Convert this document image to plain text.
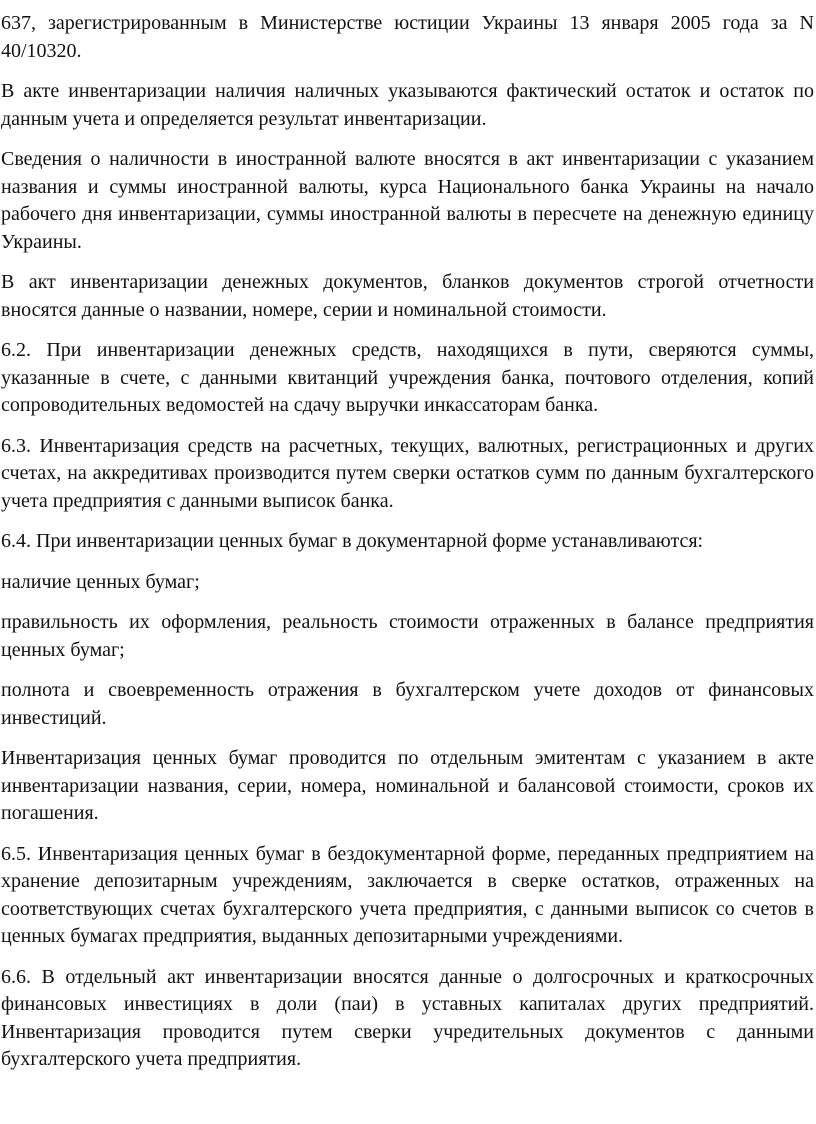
637, зарегистрированным в Министерстве юстиции Украины 13 января 2005 года за N 40/10320.

В акте инвентаризации наличия наличных указываются фактический остаток и остаток по данным учета и определяется результат инвентаризации.

Сведения о наличности в иностранной валюте вносятся в акт инвентаризации с указанием названия и суммы иностранной валюты, курса Национального банка Украины на начало рабочего дня инвентаризации, суммы иностранной валюты в пересчете на денежную единицу Украины.

В акт инвентаризации денежных документов, бланков документов строгой отчетности вносятся данные о названии, номере, серии и номинальной стоимости.

6.2. При инвентаризации денежных средств, находящихся в пути, сверяются суммы, указанные в счете, с данными квитанций учреждения банка, почтового отделения, копий сопроводительных ведомостей на сдачу выручки инкассаторам банка.

6.3. Инвентаризация средств на расчетных, текущих, валютных, регистрационных и других счетах, на аккредитивах производится путем сверки остатков сумм по данным бухгалтерского учета предприятия с данными выписок банка.

6.4. При инвентаризации ценных бумаг в документарной форме устанавливаются:

наличие ценных бумаг;

правильность их оформления, реальность стоимости отраженных в балансе предприятия ценных бумаг;

полнота и своевременность отражения в бухгалтерском учете доходов от финансовых инвестиций.

Инвентаризация ценных бумаг проводится по отдельным эмитентам с указанием в акте инвентаризации названия, серии, номера, номинальной и балансовой стоимости, сроков их погашения.

6.5. Инвентаризация ценных бумаг в бездокументарной форме, переданных предприятием на хранение депозитарным учреждениям, заключается в сверке остатков, отраженных на соответствующих счетах бухгалтерского учета предприятия, с данными выписок со счетов в ценных бумагах предприятия, выданных депозитарными учреждениями.

6.6. В отдельный акт инвентаризации вносятся данные о долгосрочных и краткосрочных финансовых инвестициях в доли (паи) в уставных капиталах других предприятий. Инвентаризация проводится путем сверки учредительных документов с данными бухгалтерского учета предприятия.
